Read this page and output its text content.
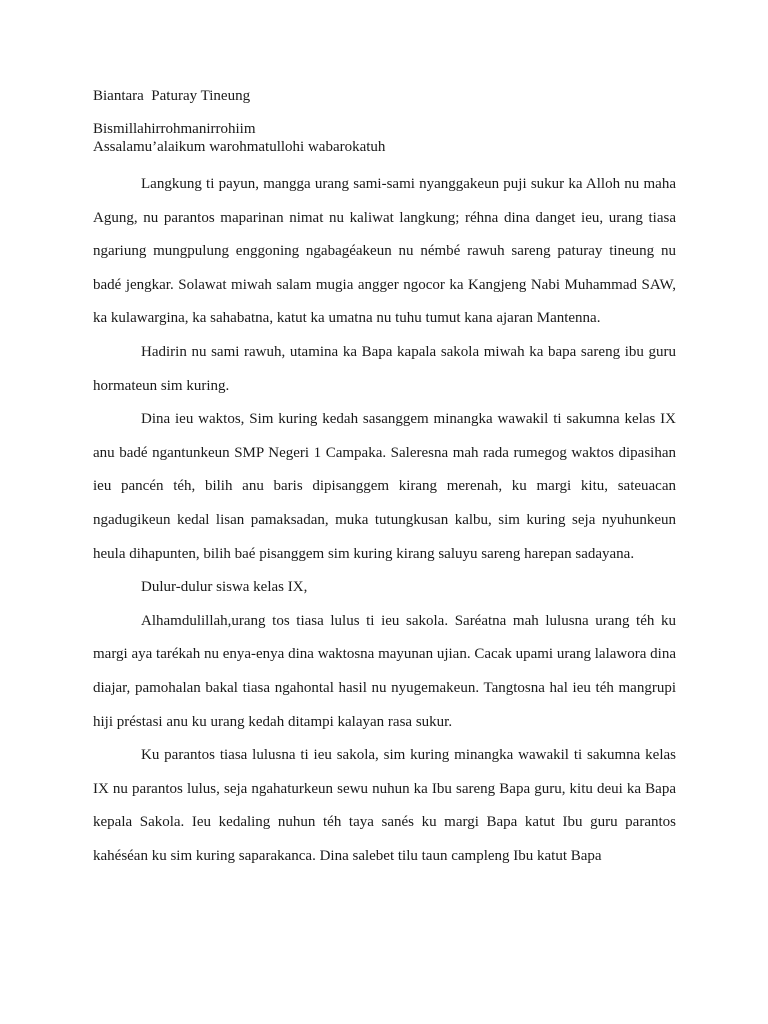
Biantara  Paturay Tineung
Bismillahirrohmanirrohiim
Assalamu’alaikum warohmatullohi wabarokatuh

Langkung ti payun, mangga urang sami-sami nyanggakeun puji sukur ka Alloh nu maha Agung, nu parantos maparinan nimat nu kaliwat langkung; réhna dina danget ieu, urang tiasa ngariung mungpulung enggoning ngabagéakeun nu némbé rawuh sareng paturay tineung nu badé jengkar. Solawat miwah salam mugia angger ngocor ka Kangjeng Nabi Muhammad SAW, ka kulawargina, ka sahabatna, katut ka umatna nu tuhu tumut kana ajaran Mantenna.

Hadirin nu sami rawuh, utamina ka Bapa kapala sakola miwah ka bapa sareng ibu guru hormateun sim kuring.

Dina ieu waktos, Sim kuring kedah sasanggem minangka wawakil ti sakumna kelas IX anu badé ngantunkeun SMP Negeri 1 Campaka. Saleresna mah rada rumegog waktos dipasihan ieu pancén téh, bilih anu baris dipisanggem kirang merenah, ku margi kitu, sateuacan ngadugikeun kedal lisan pamaksadan, muka tutungkusan kalbu, sim kuring seja nyuhunkeun heula dihapunten, bilih baé pisanggem sim kuring kirang saluyu sareng harepan sadayana.

Dulur-dulur siswa kelas IX,

Alhamdulillah,urang tos tiasa lulus ti ieu sakola. Saréatna mah lulusna urang téh ku margi aya tarékah nu enya-enya dina waktosna mayunan ujian. Cacak upami urang lalawora dina diajar, pamohalan bakal tiasa ngahontal hasil nu nyugemakeun. Tangtosna hal ieu téh mangrupi hiji préstasi anu ku urang kedah ditampi kalayan rasa sukur.

Ku parantos tiasa lulusna ti ieu sakola, sim kuring minangka wawakil ti sakumna kelas IX nu parantos lulus, seja ngahaturkeun sewu nuhun ka Ibu sareng Bapa guru, kitu deui ka Bapa kepala Sakola. Ieu kedaling nuhun téh taya sanés ku margi Bapa katut Ibu guru parantos kahéséan ku sim kuring saparakanca. Dina salebet tilu taun campleng Ibu katut Bapa
